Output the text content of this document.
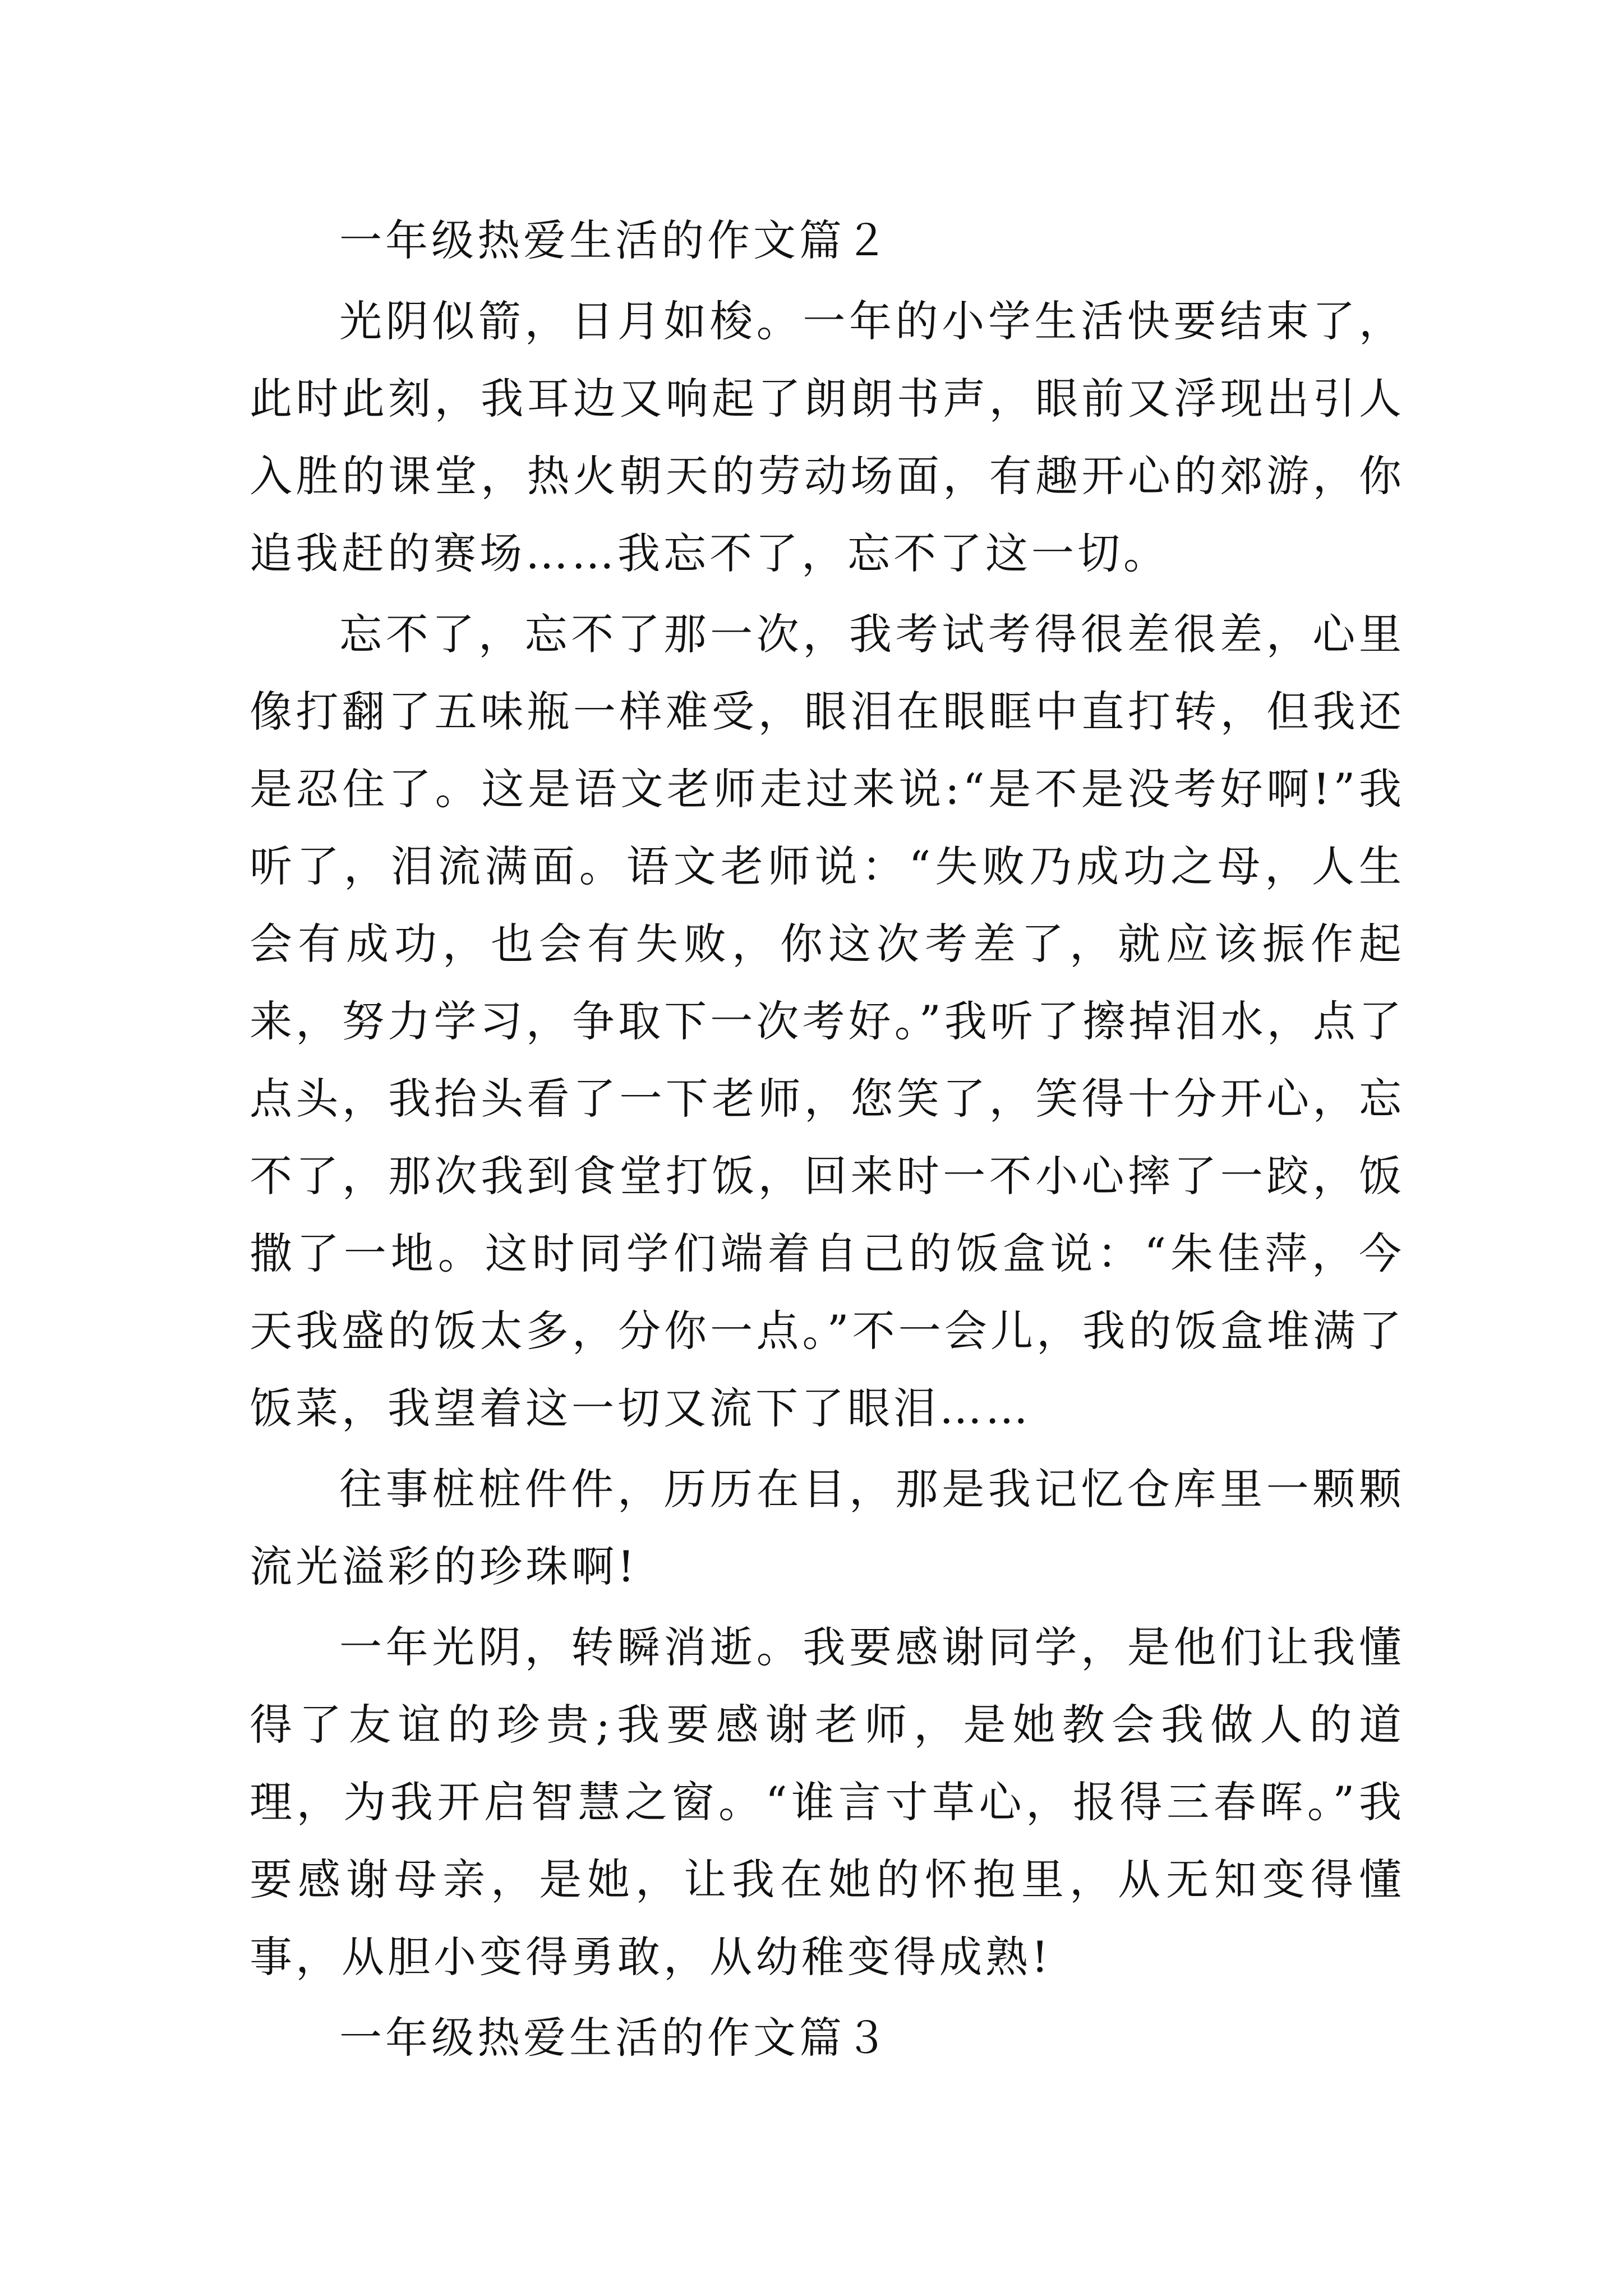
一年级热爱生活的作文篇２

光阴似箭，日月如梭。一年的小学生活快要结束了，此时此刻，我耳边又响起了朗朗书声，眼前又浮现出引人入胜的课堂，热火朝天的劳动场面，有趣开心的郊游，你追我赶的赛场……我忘不了，忘不了这一切。

忘不了，忘不了那一次，我考试考得很差很差，心里像打翻了五味瓶一样难受，眼泪在眼眶中直打转，但我还是忍住了。这是语文老师走过来说:“是不是没考好啊!”我听了，泪流满面。语文老师说：“失败乃成功之母，人生会有成功，也会有失败，你这次考差了，就应该振作起来，努力学习，争取下一次考好。”我听了擦掉泪水，点了点头，我抬头看了一下老师，您笑了，笑得十分开心，忘不了，那次我到食堂打饭，回来时一不小心摔了一跤，饭撒了一地。这时同学们端着自己的饭盒说：“朱佳萍，今天我盛的饭太多，分你一点。”不一会儿，我的饭盒堆满了饭菜，我望着这一切又流下了眼泪……

往事桩桩件件，历历在目，那是我记忆仓库里一颗颗流光溢彩的珍珠啊!

一年光阴，转瞬消逝。我要感谢同学，是他们让我懂得了友谊的珍贵;我要感谢老师，是她教会我做人的道理，为我开启智慧之窗。“谁言寸草心，报得三春晖。”我要感谢母亲，是她，让我在她的怀抱里，从无知变得懂事，从胆小变得勇敢，从幼稚变得成熟!

一年级热爱生活的作文篇３
